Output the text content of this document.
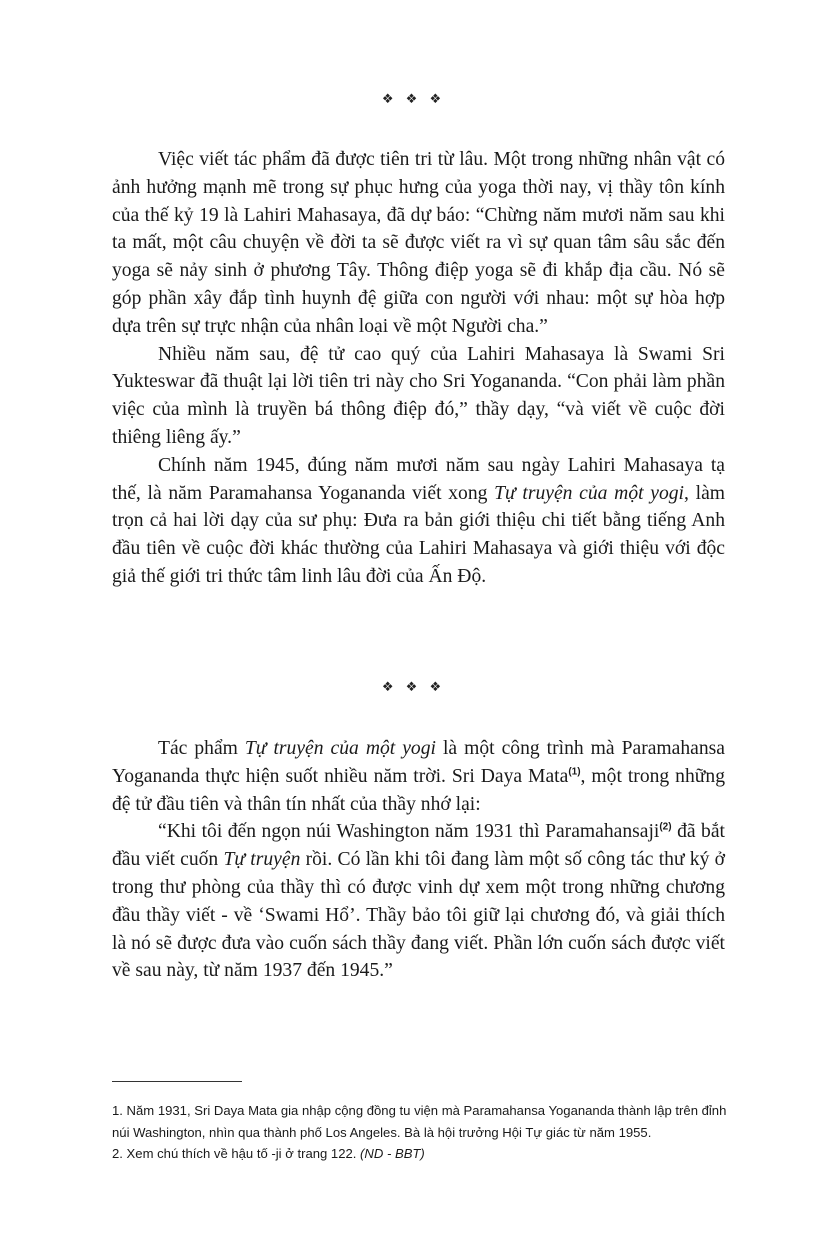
❖ ❖ ❖

Việc viết tác phẩm đã được tiên tri từ lâu. Một trong những nhân vật có ảnh hưởng mạnh mẽ trong sự phục hưng của yoga thời nay, vị thầy tôn kính của thế kỷ 19 là Lahiri Mahasaya, đã dự báo: “Chừng năm mươi năm sau khi ta mất, một câu chuyện về đời ta sẽ được viết ra vì sự quan tâm sâu sắc đến yoga sẽ nảy sinh ở phương Tây. Thông điệp yoga sẽ đi khắp địa cầu. Nó sẽ góp phần xây đắp tình huynh đệ giữa con người với nhau: một sự hòa hợp dựa trên sự trực nhận của nhân loại về một Người cha.”

Nhiều năm sau, đệ tử cao quý của Lahiri Mahasaya là Swami Sri Yukteswar đã thuật lại lời tiên tri này cho Sri Yogananda. “Con phải làm phần việc của mình là truyền bá thông điệp đó,” thầy dạy, “và viết về cuộc đời thiêng liêng ấy.”

Chính năm 1945, đúng năm mươi năm sau ngày Lahiri Mahasaya tạ thế, là năm Paramahansa Yogananda viết xong Tự truyện của một yogi, làm trọn cả hai lời dạy của sư phụ: Đưa ra bản giới thiệu chi tiết bằng tiếng Anh đầu tiên về cuộc đời khác thường của Lahiri Mahasaya và giới thiệu với độc giả thế giới tri thức tâm linh lâu đời của Ấn Độ.

❖ ❖ ❖

Tác phẩm Tự truyện của một yogi là một công trình mà Paramahansa Yogananda thực hiện suốt nhiều năm trời. Sri Daya Mata$^{(1)}$, một trong những đệ tử đầu tiên và thân tín nhất của thầy nhớ lại:

“Khi tôi đến ngọn núi Washington năm 1931 thì Paramahansaji$^{(2)}$ đã bắt đầu viết cuốn Tự truyện rồi. Có lần khi tôi đang làm một số công tác thư ký ở trong thư phòng của thầy thì có được vinh dự xem một trong những chương đầu thầy viết - về ‘Swami Hổ’. Thầy bảo tôi giữ lại chương đó, và giải thích là nó sẽ được đưa vào cuốn sách thầy đang viết. Phần lớn cuốn sách được viết về sau này, từ năm 1937 đến 1945.”

1. Năm 1931, Sri Daya Mata gia nhập cộng đồng tu viện mà Paramahansa Yogananda thành lập trên đỉnh núi Washington, nhìn qua thành phố Los Angeles. Bà là hội trưởng Hội Tự giác từ năm 1955.

2. Xem chú thích về hậu tố -ji ở trang 122. (ND - BBT)
